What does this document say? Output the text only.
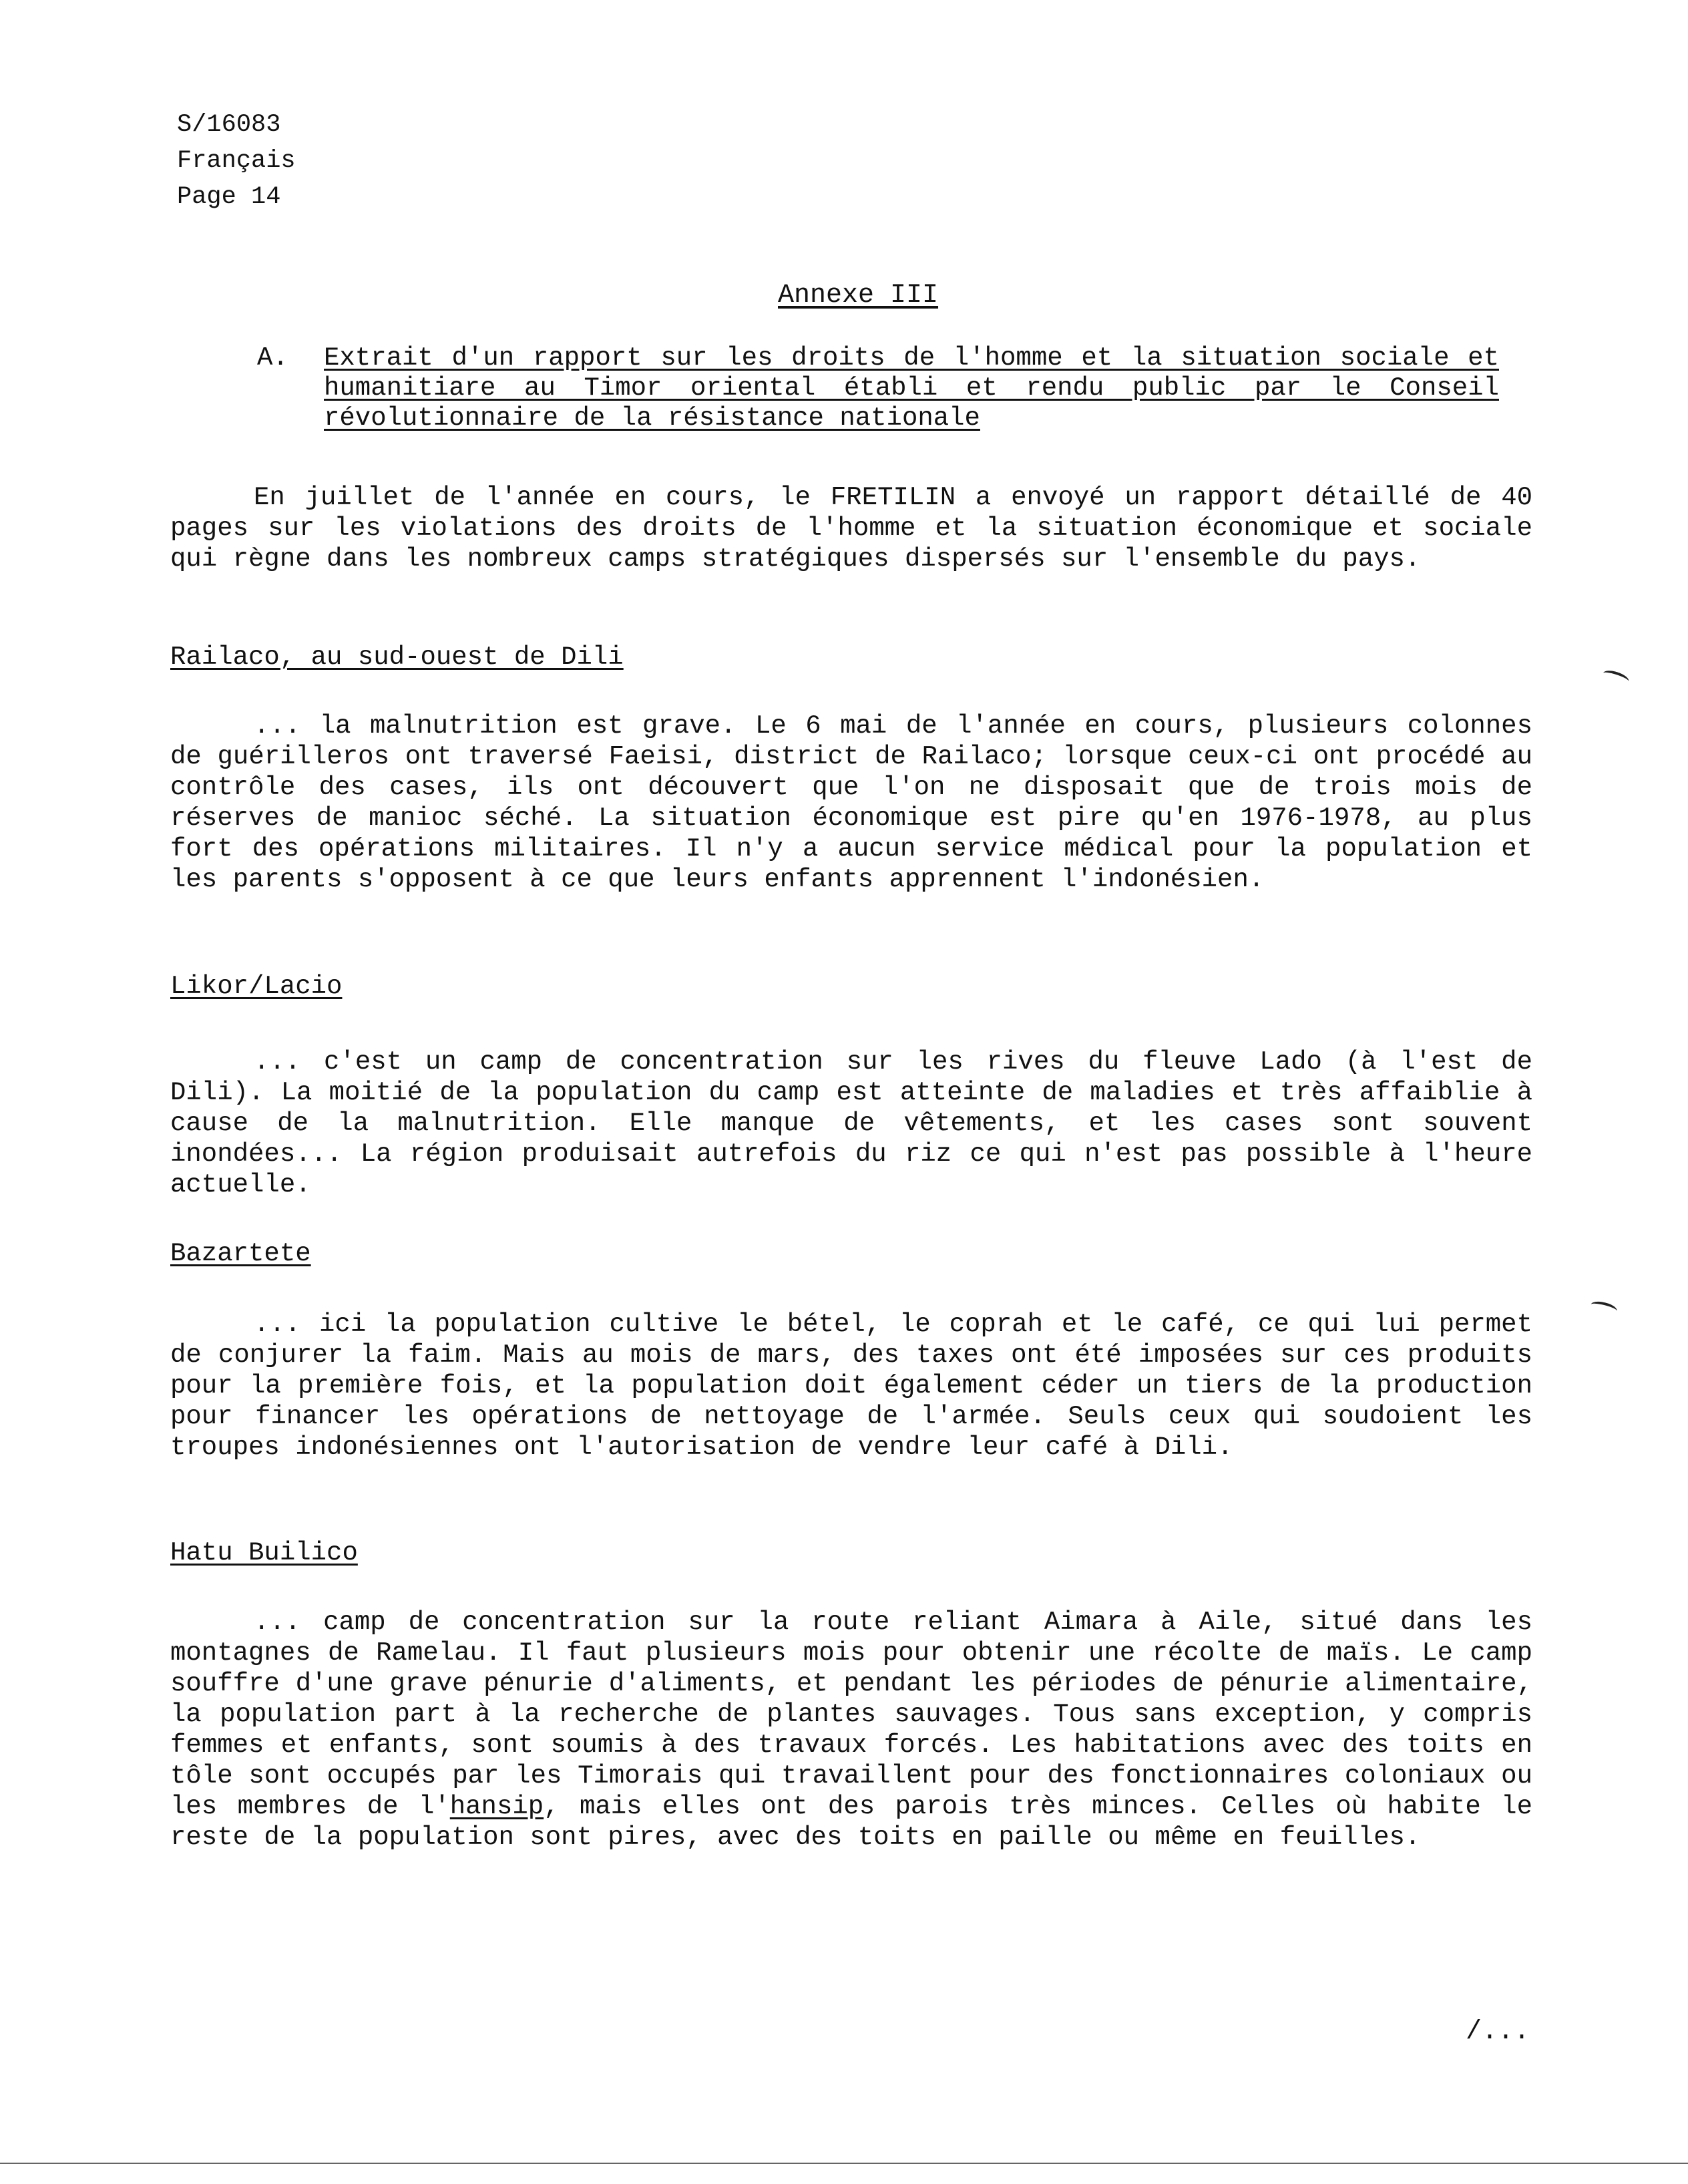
S/16083
Français
Page 14
Annexe III
A. Extrait d'un rapport sur les droits de l'homme et la situation sociale et humanitiare au Timor oriental établi et rendu public par le Conseil révolutionnaire de la résistance nationale
En juillet de l'année en cours, le FRETILIN a envoyé un rapport détaillé de 40 pages sur les violations des droits de l'homme et la situation économique et sociale qui règne dans les nombreux camps stratégiques dispersés sur l'ensemble du pays.
Railaco, au sud-ouest de Dili
... la malnutrition est grave. Le 6 mai de l'année en cours, plusieurs colonnes de guérilleros ont traversé Faeisi, district de Railaco; lorsque ceux-ci ont procédé au contrôle des cases, ils ont découvert que l'on ne disposait que de trois mois de réserves de manioc séché. La situation économique est pire qu'en 1976-1978, au plus fort des opérations militaires. Il n'y a aucun service médical pour la population et les parents s'opposent à ce que leurs enfants apprennent l'indonésien.
Likor/Lacio
... c'est un camp de concentration sur les rives du fleuve Lado (à l'est de Dili). La moitié de la population du camp est atteinte de maladies et très affaiblie à cause de la malnutrition. Elle manque de vêtements, et les cases sont souvent inondées... La région produisait autrefois du riz ce qui n'est pas possible à l'heure actuelle.
Bazartete
... ici la population cultive le bétel, le coprah et le café, ce qui lui permet de conjurer la faim. Mais au mois de mars, des taxes ont été imposées sur ces produits pour la première fois, et la population doit également céder un tiers de la production pour financer les opérations de nettoyage de l'armée. Seuls ceux qui soudoient les troupes indonésiennes ont l'autorisation de vendre leur café à Dili.
Hatu Builico
... camp de concentration sur la route reliant Aimara à Aile, situé dans les montagnes de Ramelau. Il faut plusieurs mois pour obtenir une récolte de maïs. Le camp souffre d'une grave pénurie d'aliments, et pendant les périodes de pénurie alimentaire, la population part à la recherche de plantes sauvages. Tous sans exception, y compris femmes et enfants, sont soumis à des travaux forcés. Les habitations avec des toits en tôle sont occupés par les Timorais qui travaillent pour des fonctionnaires coloniaux ou les membres de l'hansip, mais elles ont des parois très minces. Celles où habite le reste de la population sont pires, avec des toits en paille ou même en feuilles.
/...
